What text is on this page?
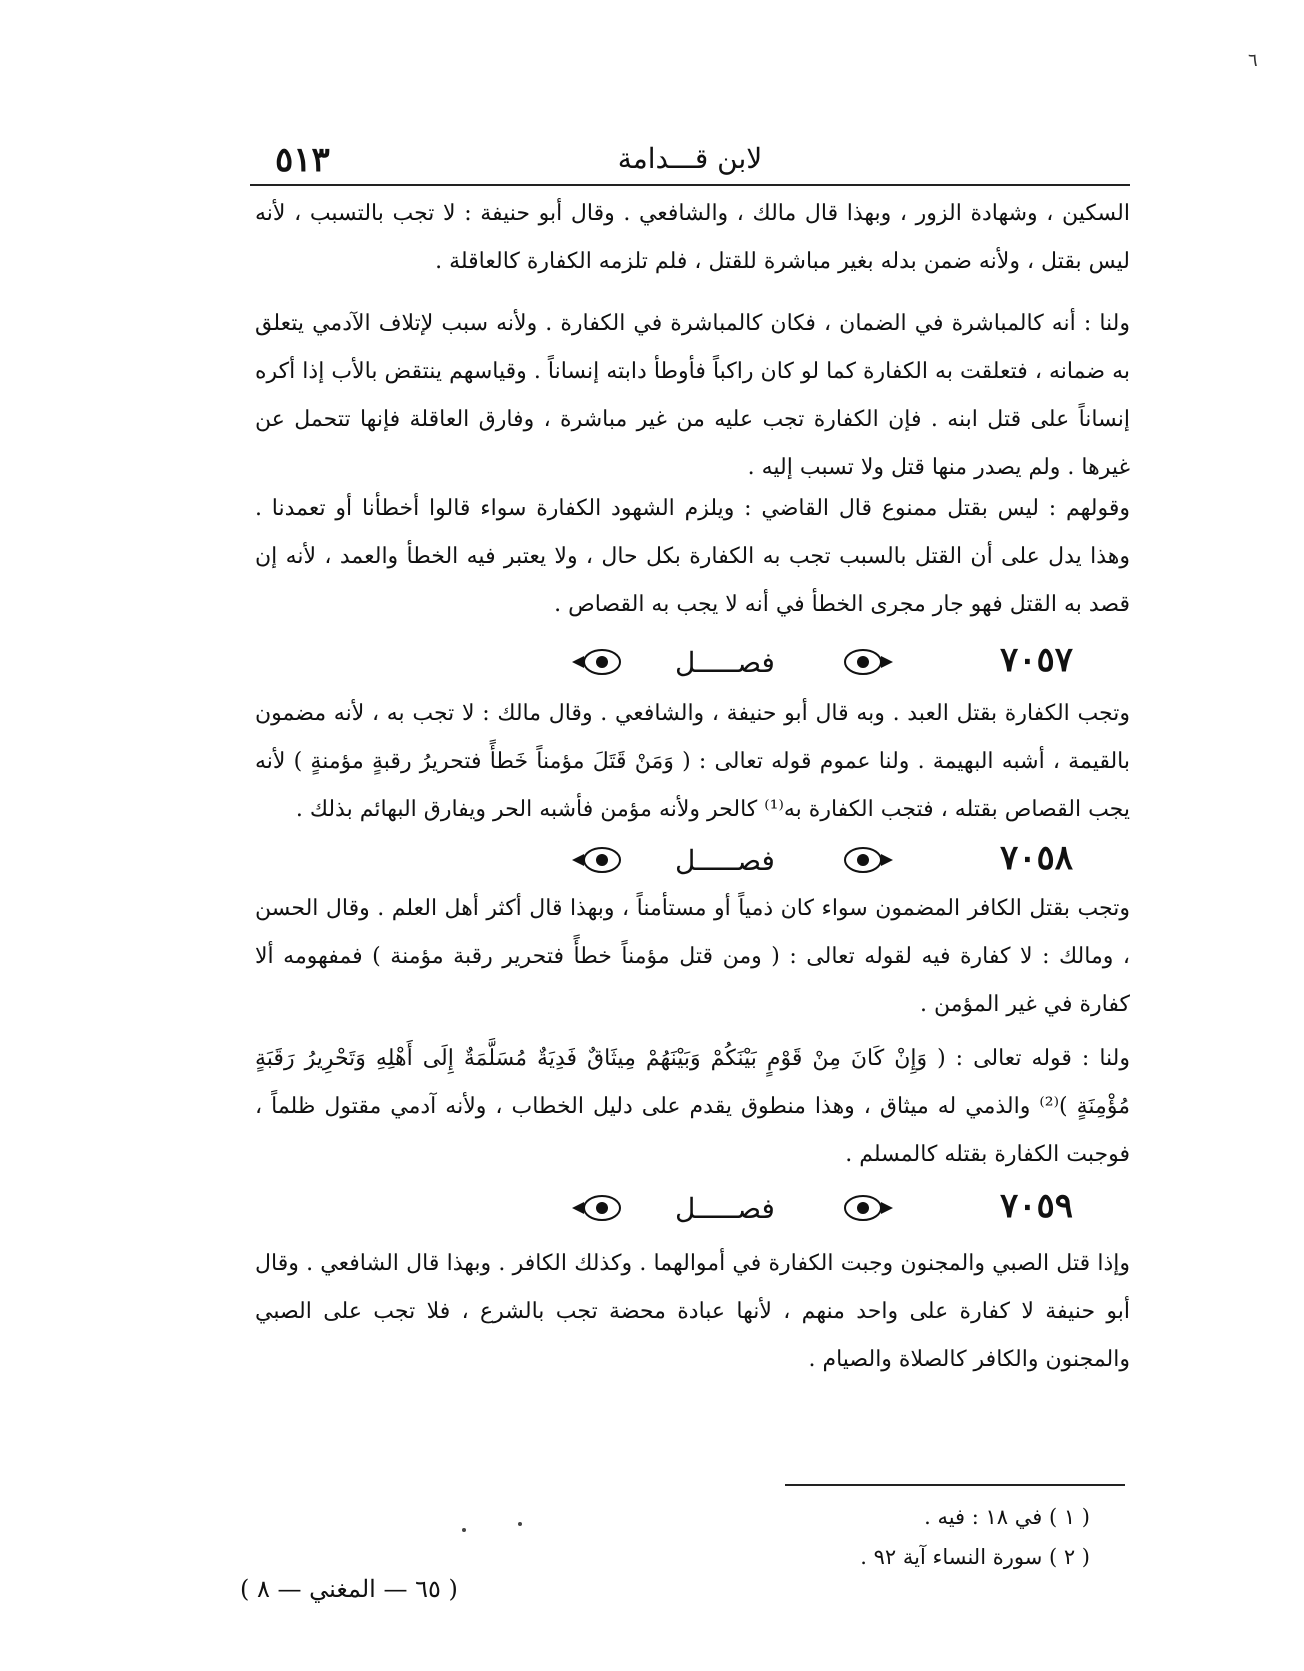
٦
٥١٣	لابن قـــدامة

السكين ، وشهادة الزور ، وبهذا قال مالك ، والشافعي . وقال أبو حنيفة : لا تجب بالتسبب ، لأنه ليس بقتل ، ولأنه ضمن بدله بغير مباشرة للقتل ، فلم تلزمه الكفارة كالعاقلة .

ولنا : أنه كالمباشرة في الضمان ، فكان كالمباشرة في الكفارة . ولأنه سبب لإتلاف الآدمي يتعلق به ضمانه ، فتعلقت به الكفارة كما لو كان راكباً فأوطأ دابته إنساناً . وقياسهم ينتقض بالأب إذا أكره إنساناً على قتل ابنه . فإن الكفارة تجب عليه من غير مباشرة ، وفارق العاقلة فإنها تتحمل عن غيرها . ولم يصدر منها قتل ولا تسبب إليه .

وقولهم : ليس بقتل ممنوع قال القاضي : ويلزم الشهود الكفارة سواء قالوا أخطأنا أو تعمدنا . وهذا يدل على أن القتل بالسبب تجب به الكفارة بكل حال ، ولا يعتبر فيه الخطأ والعمد ، لأنه إن قصد به القتل فهو جار مجرى الخطأ في أنه لا يجب به القصاص .

فصـــــل	٧٠٥٧

وتجب الكفارة بقتل العبد . وبه قال أبو حنيفة ، والشافعي . وقال مالك : لا تجب به ، لأنه مضمون بالقيمة ، أشبه البهيمة . ولنا عموم قوله تعالى : ( وَمَنْ قَتَلَ مؤمناً خَطأً فتحريرُ رقبةٍ مؤمنةٍ ) لأنه يجب القصاص بقتله ، فتجب الكفارة به⁽¹⁾ كالحر ولأنه مؤمن فأشبه الحر ويفارق البهائم بذلك .

فصـــــل	٧٠٥٨

وتجب بقتل الكافر المضمون سواء كان ذمياً أو مستأمناً ، وبهذا قال أكثر أهل العلم . وقال الحسن ، ومالك : لا كفارة فيه لقوله تعالى : ( ومن قتل مؤمناً خطأً فتحرير رقبة مؤمنة ) فمفهومه ألا كفارة في غير المؤمن .

ولنا : قوله تعالى : ( وَإِنْ كَانَ مِنْ قَوْمٍ بَيْنَكُمْ وَبَيْنَهُمْ مِيثَاقٌ فَدِيَةٌ مُسَلَّمَةٌ إِلَى أَهْلِهِ وَتَحْرِيرُ رَقَبَةٍ مُؤْمِنَةٍ )⁽²⁾ والذمي له ميثاق ، وهذا منطوق يقدم على دليل الخطاب ، ولأنه آدمي مقتول ظلماً ، فوجبت الكفارة بقتله كالمسلم .

فصـــــل	٧٠٥٩

وإذا قتل الصبي والمجنون وجبت الكفارة في أموالهما . وكذلك الكافر . وبهذا قال الشافعي . وقال أبو حنيفة لا كفارة على واحد منهم ، لأنها عبادة محضة تجب بالشرع ، فلا تجب على الصبي والمجنون والكافر كالصلاة والصيام .

( ١ ) في ١٨ : فيه .
( ٢ ) سورة النساء آية ٩٢ .
( ٦٥ — المغني — ٨ )
